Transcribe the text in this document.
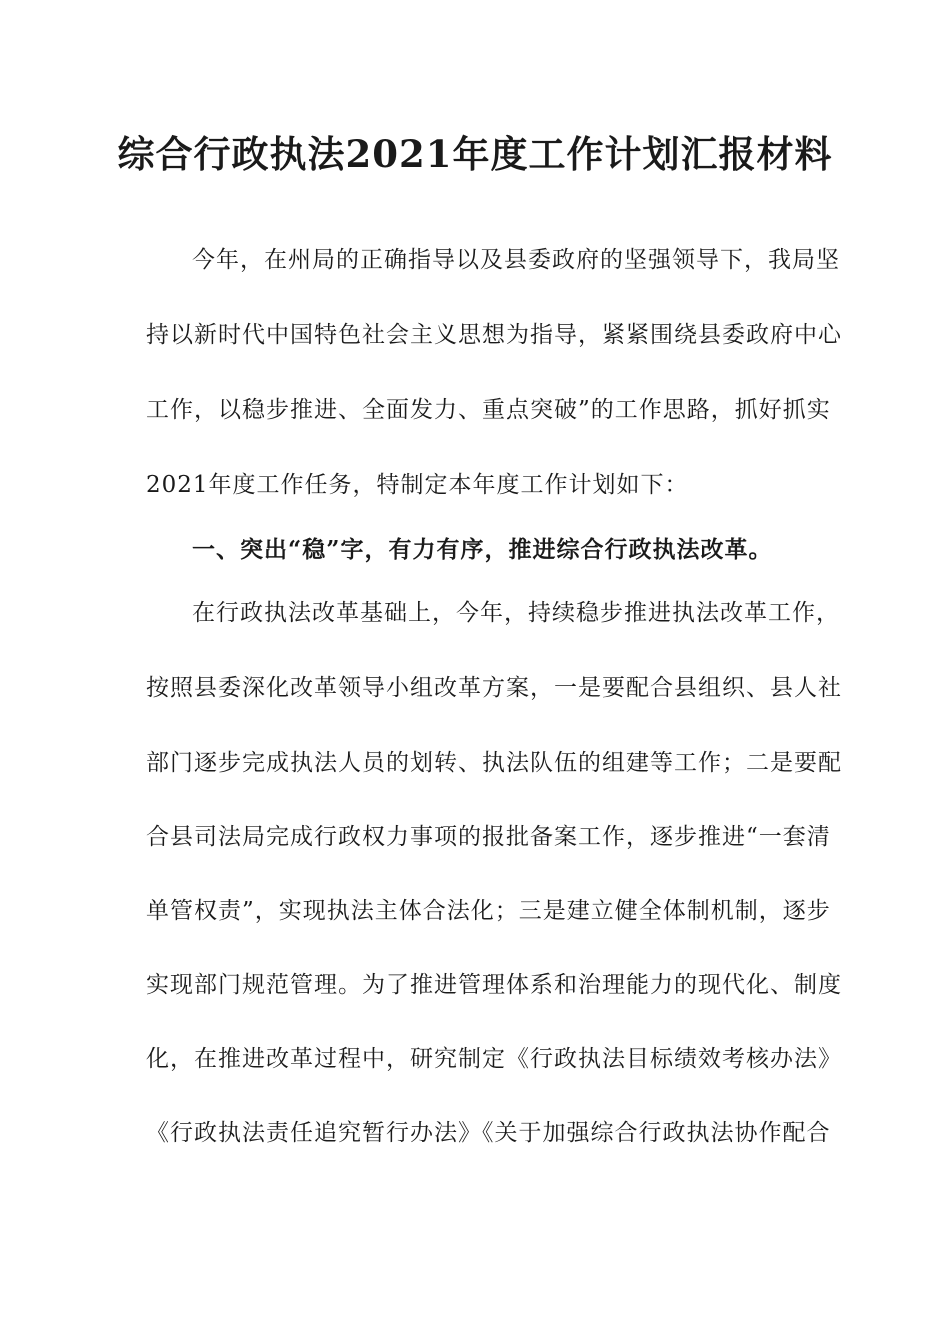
综合行政执法2021年度工作计划汇报材料
今年，在州局的正确指导以及县委政府的坚强领导下，我局坚
持以新时代中国特色社会主义思想为指导，紧紧围绕县委政府中心
工作，以稳步推进、全面发力、重点突破”的工作思路，抓好抓实
2021年度工作任务，特制定本年度工作计划如下：
一、突出“稳”字，有力有序，推进综合行政执法改革。
在行政执法改革基础上，今年，持续稳步推进执法改革工作，
按照县委深化改革领导小组改革方案，一是要配合县组织、县人社
部门逐步完成执法人员的划转、执法队伍的组建等工作；二是要配
合县司法局完成行政权力事项的报批备案工作，逐步推进“一套清
单管权责”，实现执法主体合法化；三是建立健全体制机制，逐步
实现部门规范管理。为了推进管理体系和治理能力的现代化、制度
化，在推进改革过程中，研究制定《行政执法目标绩效考核办法》
《行政执法责任追究暂行办法》《关于加强综合行政执法协作配合
